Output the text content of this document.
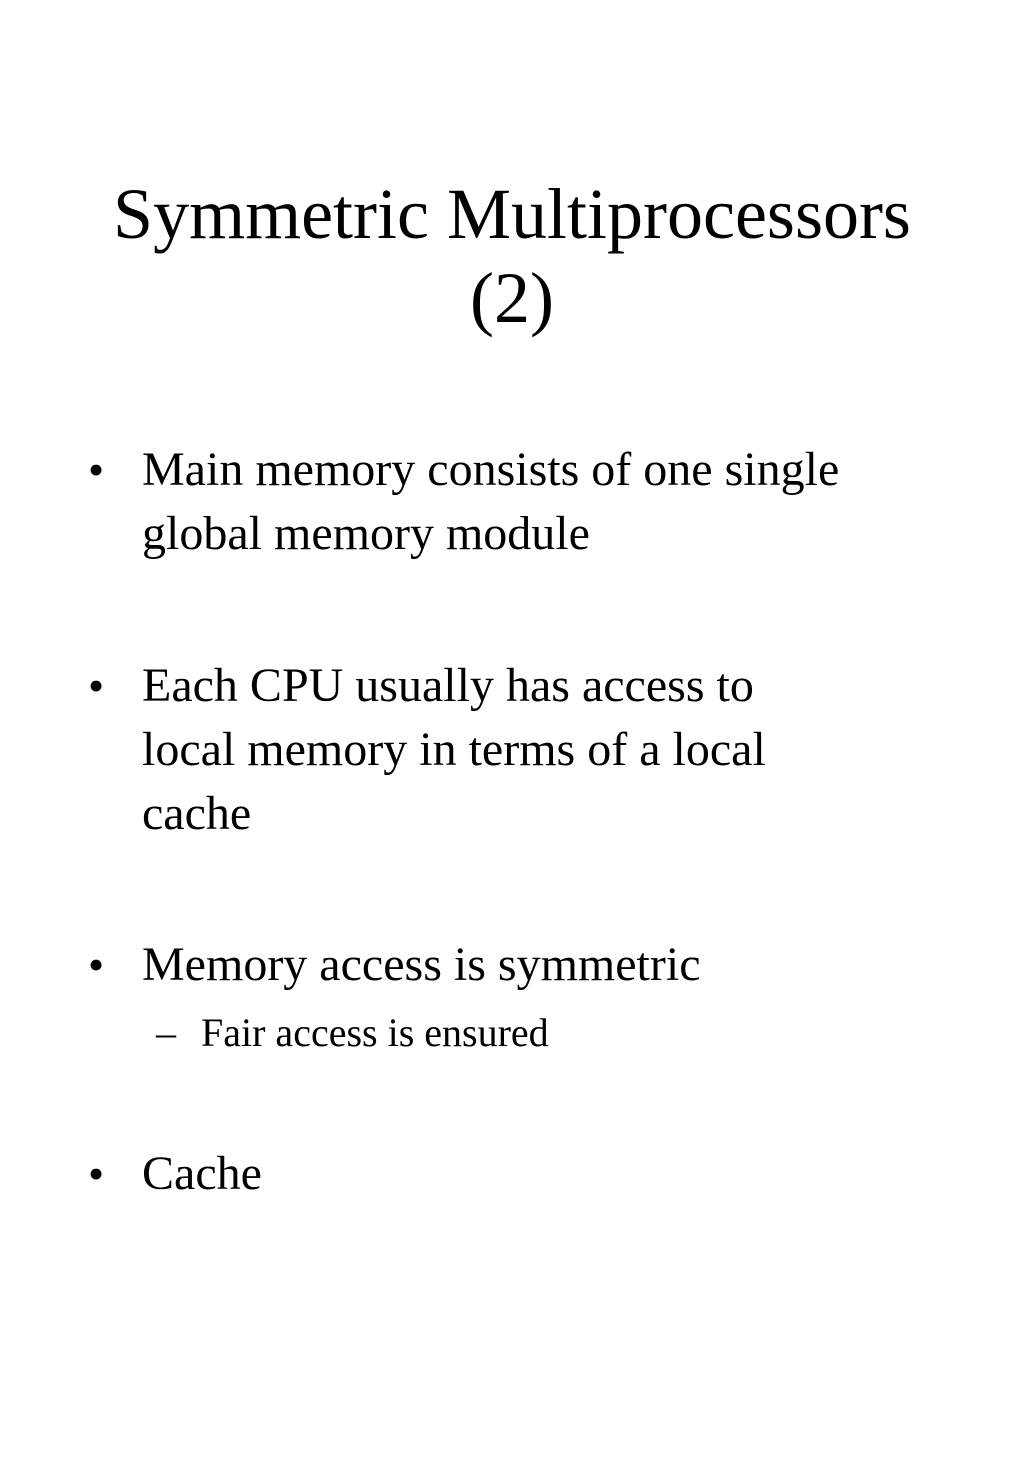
Symmetric Multiprocessors
(2)
• Main memory consists of one single
global memory module
• Each CPU usually has access to
local memory in terms of a local
cache
• Memory access is symmetric
– Fair access is ensured
• Cache
